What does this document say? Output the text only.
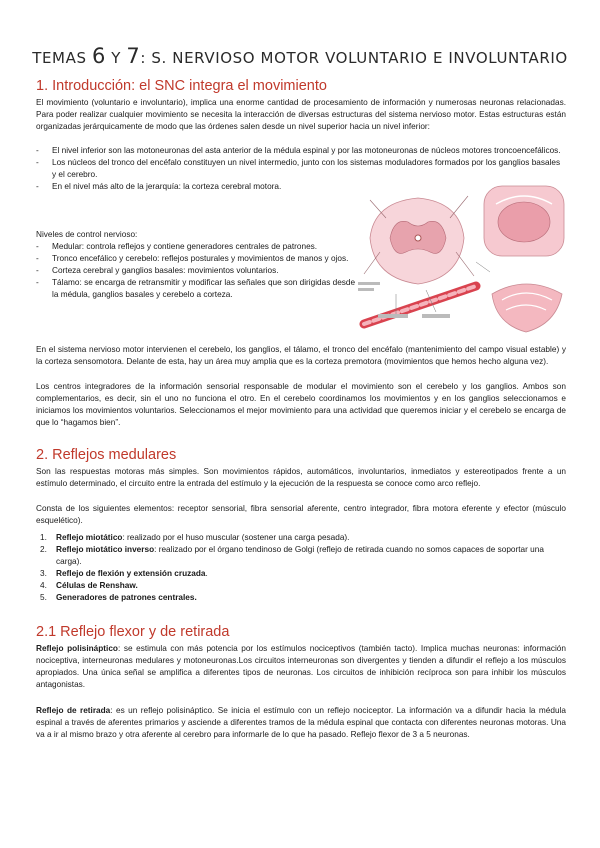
TEMAS 6 Y 7: S. NERVIOSO MOTOR VOLUNTARIO E INVOLUNTARIO
1. Introducción: el SNC integra el movimiento
El movimiento (voluntario e involuntario), implica una enorme cantidad de procesamiento de información y numerosas neuronas relacionadas. Para poder realizar cualquier movimiento se necesita la interacción de diversas estructuras del sistema nervioso motor. Estas estructuras están organizadas jerárquicamente de modo que las órdenes salen desde un nivel superior hacia un nivel inferior:
- El nivel inferior son las motoneuronas del asta anterior de la médula espinal y por las motoneuronas de núcleos motores troncoencefálicos.
- Los núcleos del tronco del encéfalo constituyen un nivel intermedio, junto con los sistemas moduladores formados por los ganglios basales y el cerebro.
- En el nivel más alto de la jerarquía: la corteza cerebral motora.
Niveles de control nervioso:
- Medular: controla reflejos y contiene generadores centrales de patrones.
- Tronco encefálico y cerebelo: reflejos posturales y movimientos de manos y ojos.
- Corteza cerebral y ganglios basales: movimientos voluntarios.
- Tálamo: se encarga de retransmitir y modificar las señales que son dirigidas desde la médula, ganglios basales y cerebelo a corteza.
En el sistema nervioso motor intervienen el cerebelo, los ganglios, el tálamo, el tronco del encéfalo (mantenimiento del campo visual estable) y la corteza sensomotora. Delante de esta, hay un área muy amplia que es la corteza premotora (movimientos que hemos hecho alguna vez).
Los centros integradores de la información sensorial responsable de modular el movimiento son el cerebelo y los ganglios. Ambos son complementarios, es decir, sin el uno no funciona el otro. En el cerebelo coordinamos los movimientos y en los ganglios seleccionamos e iniciamos los movimientos voluntarios. Seleccionamos el mejor movimiento para una actividad que queremos iniciar y el cerebelo se encarga de que lo “hagamos bien”.
2. Reflejos medulares
Son las respuestas motoras más simples. Son movimientos rápidos, automáticos, involuntarios, inmediatos y estereotipados frente a un estímulo determinado, el circuito entre la entrada del estímulo y la ejecución de la respuesta se conoce como arco reflejo.
Consta de los siguientes elementos: receptor sensorial, fibra sensorial aferente, centro integrador, fibra motora eferente y efector (músculo esquelético).
1. Reflejo miotático: realizado por el huso muscular (sostener una carga pesada).
2. Reflejo miotático inverso: realizado por el órgano tendinoso de Golgi (reflejo de retirada cuando no somos capaces de soportar una carga).
3. Reflejo de flexión y extensión cruzada.
4. Células de Renshaw.
5. Generadores de patrones centrales.
2.1 Reflejo flexor y de retirada
Reflejo polisináptico: se estimula con más potencia por los estímulos nociceptivos (también tacto). Implica muchas neuronas: información nociceptiva, interneuronas medulares y motoneuronas.Los circuitos interneuronas son divergentes y tienden a difundir el reflejo a los músculos apropiados. Una única señal se amplifica a diferentes tipos de neuronas. Los circuitos de inhibición recíproca son para inhibir los músculos antagonistas.
Reflejo de retirada: es un reflejo polisináptico. Se inicia el estímulo con un reflejo nociceptor. La información va a difundir hacia la médula espinal a través de aferentes primarios y asciende a diferentes tramos de la médula espinal que contacta con diferentes neuronas motoras. Una va a ir al mismo brazo y otra aferente al cerebro para informarle de lo que ha pasado. Reflejo flexor de 3 a 5 neuronas.
